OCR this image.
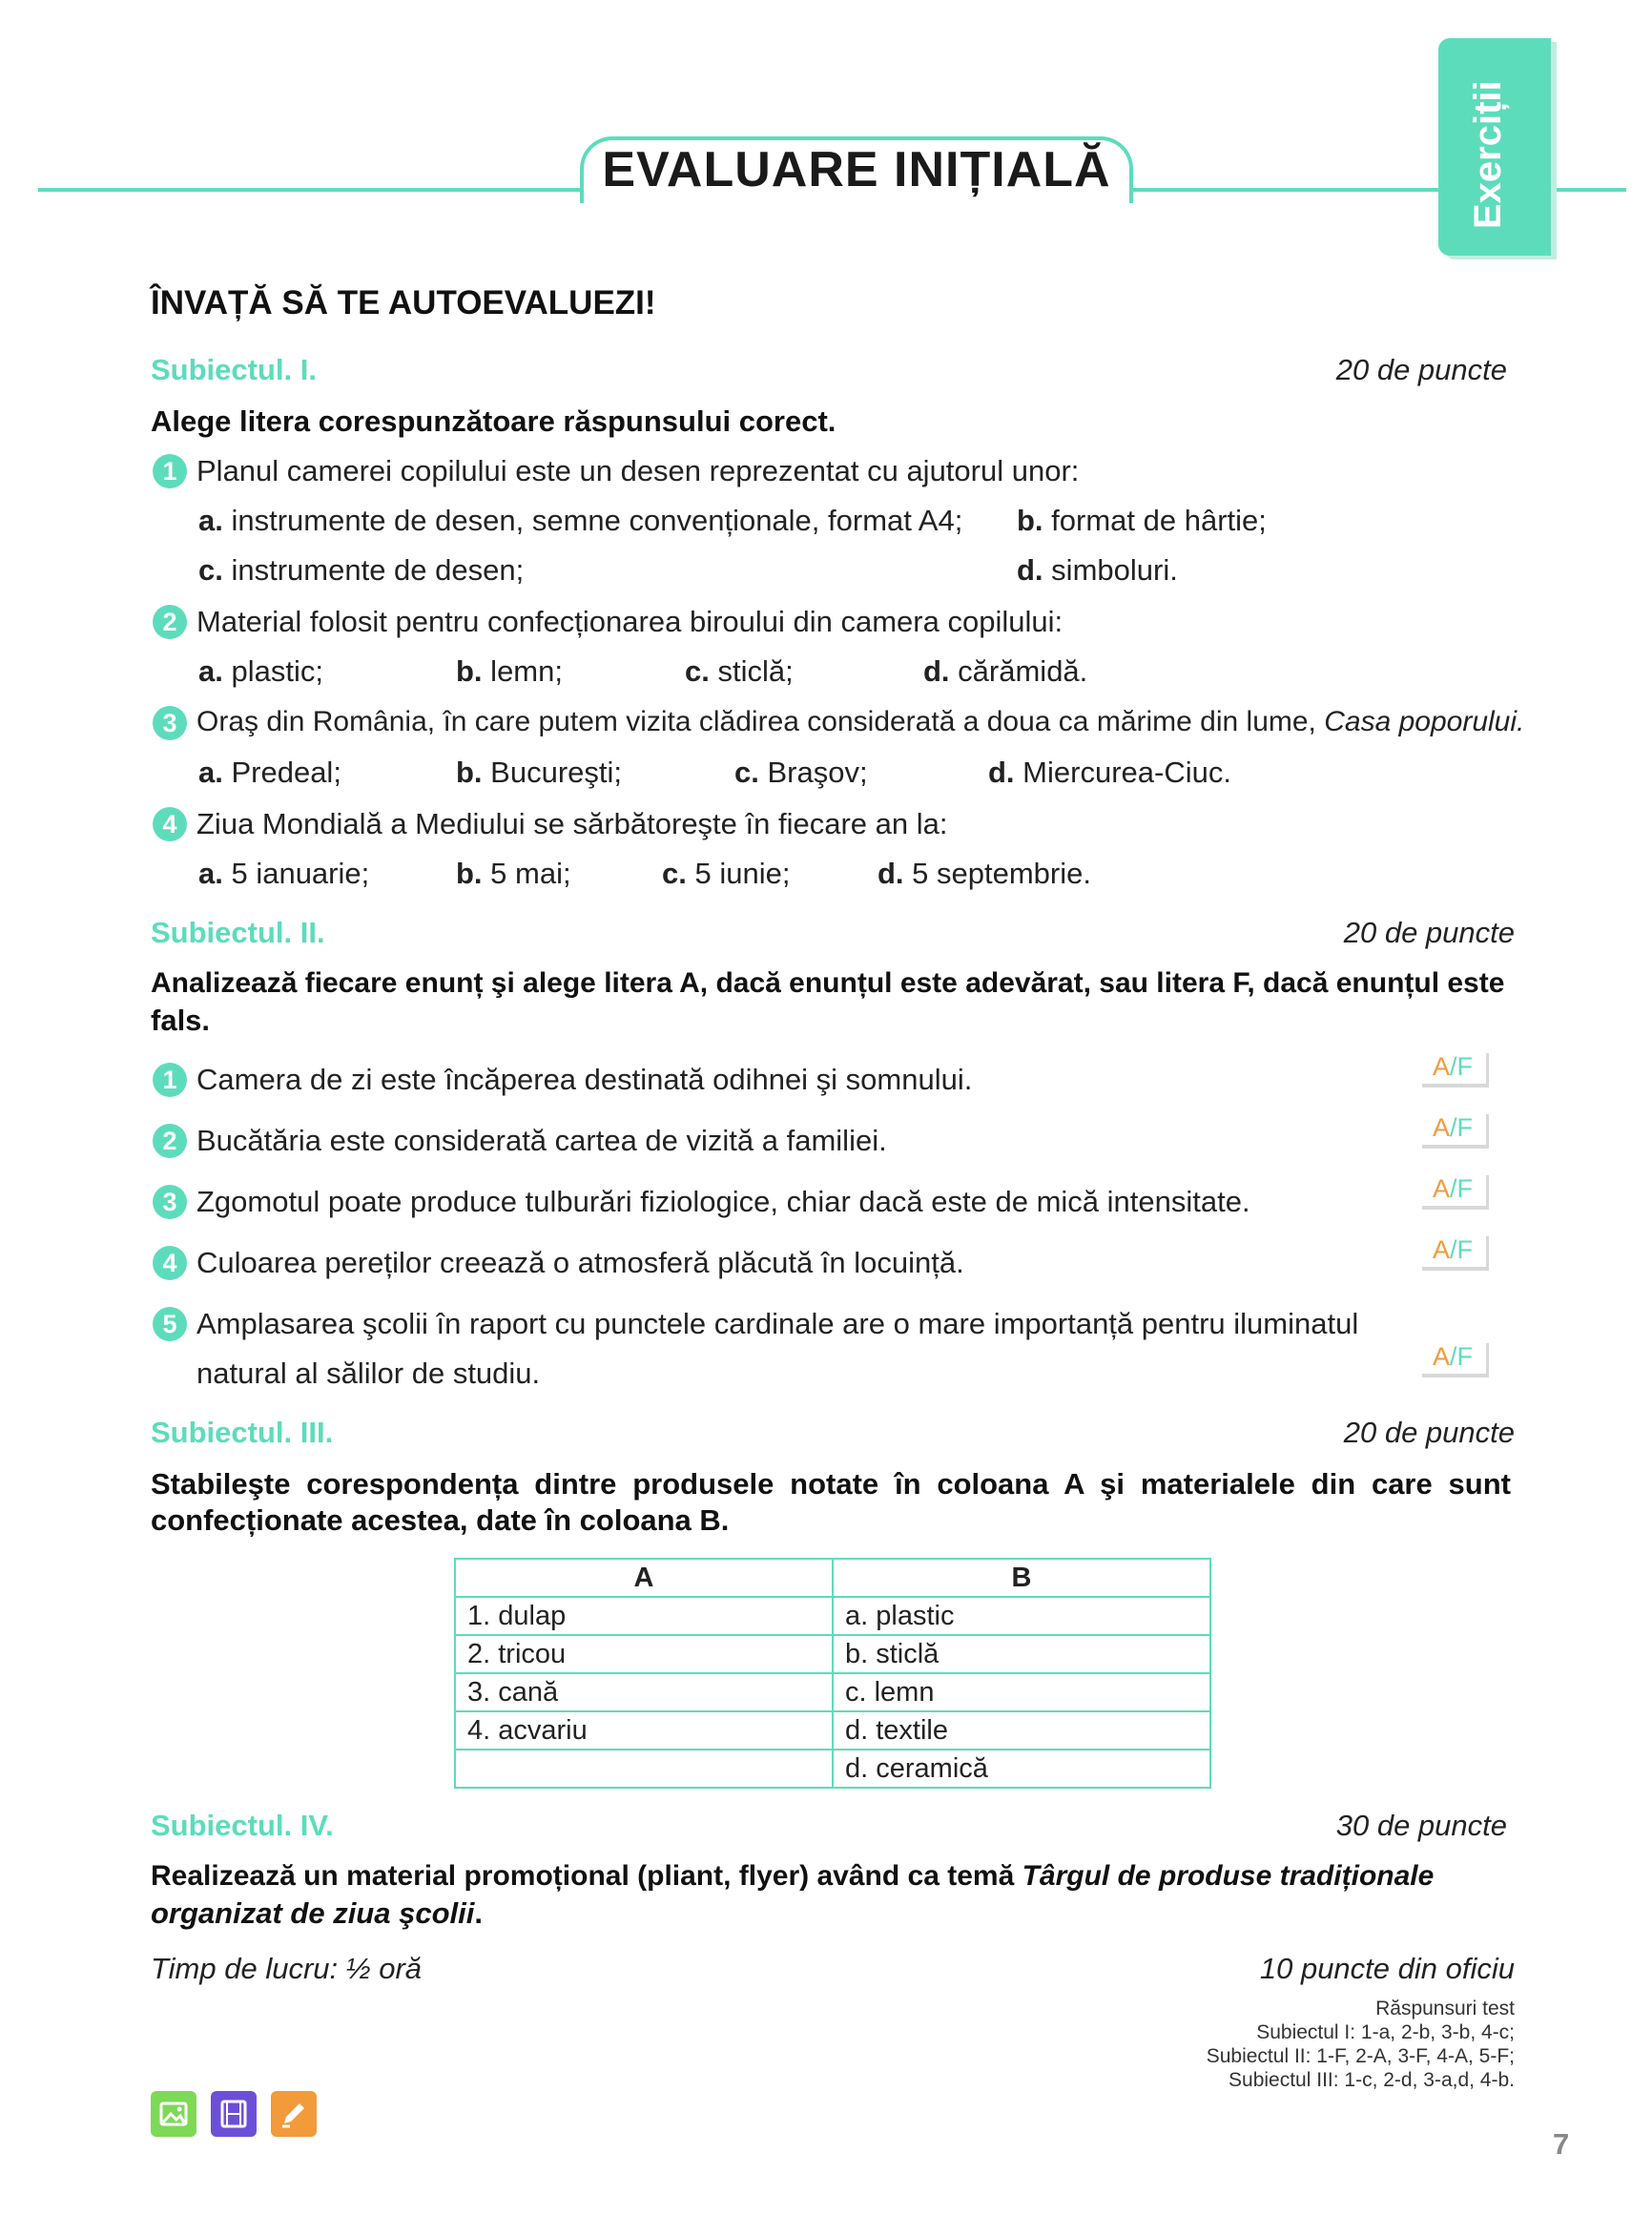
EVALUARE INIȚIALĂ	Exerciții
ÎNVAȚĂ SĂ TE AUTOEVALUEZI!
Subiectul. I.	20 de puncte
Alege litera corespunzătoare răspunsului corect.
1 Planul camerei copilului este un desen reprezentat cu ajutorul unor:
a. instrumente de desen, semne convenționale, format A4; b. format de hârtie;
c. instrumente de desen;	d. simboluri.
2 Material folosit pentru confecționarea biroului din camera copilului:
a. plastic;	b. lemn;	c. sticlă;	d. cărămidă.
3 Oraş din România, în care putem vizita clădirea considerată a doua ca mărime din lume, Casa poporului.
a. Predeal;	b. Bucureşti;	c. Braşov;	d. Miercurea-Ciuc.
4 Ziua Mondială a Mediului se sărbătoreşte în fiecare an la:
a. 5 ianuarie;	b. 5 mai;	c. 5 iunie;	d. 5 septembrie.
Subiectul. II.	20 de puncte
Analizează fiecare enunț şi alege litera A, dacă enunțul este adevărat, sau litera F, dacă enunțul este
fals.
1 Camera de zi este încăperea destinată odihnei şi somnului.	A/F
2 Bucătăria este considerată cartea de vizită a familiei.	A/F
3 Zgomotul poate produce tulburări fiziologice, chiar dacă este de mică intensitate.	A/F
4 Culoarea pereților creează o atmosferă plăcută în locuință.	A/F
5 Amplasarea şcolii în raport cu punctele cardinale are o mare importanță pentru iluminatul
natural al sălilor de studiu.	A/F
Subiectul. III.	20 de puncte
Stabileşte corespondența dintre produsele notate în coloana A şi materialele din care sunt
confecționate acestea, date în coloana B.
A	B
1. dulap	a. plastic
2. tricou	b. sticlă
3. cană	c. lemn
4. acvariu	d. textile
	d. ceramică
Subiectul. IV.	30 de puncte
Realizează un material promoțional (pliant, flyer) având ca temă Târgul de produse tradiționale
organizat de ziua şcolii.
Timp de lucru: ½ oră	10 puncte din oficiu
Răspunsuri test
Subiectul I: 1-a, 2-b, 3-b, 4-c;
Subiectul II: 1-F, 2-A, 3-F, 4-A, 5-F;
Subiectul III: 1-c, 2-d, 3-a,d, 4-b.
7
